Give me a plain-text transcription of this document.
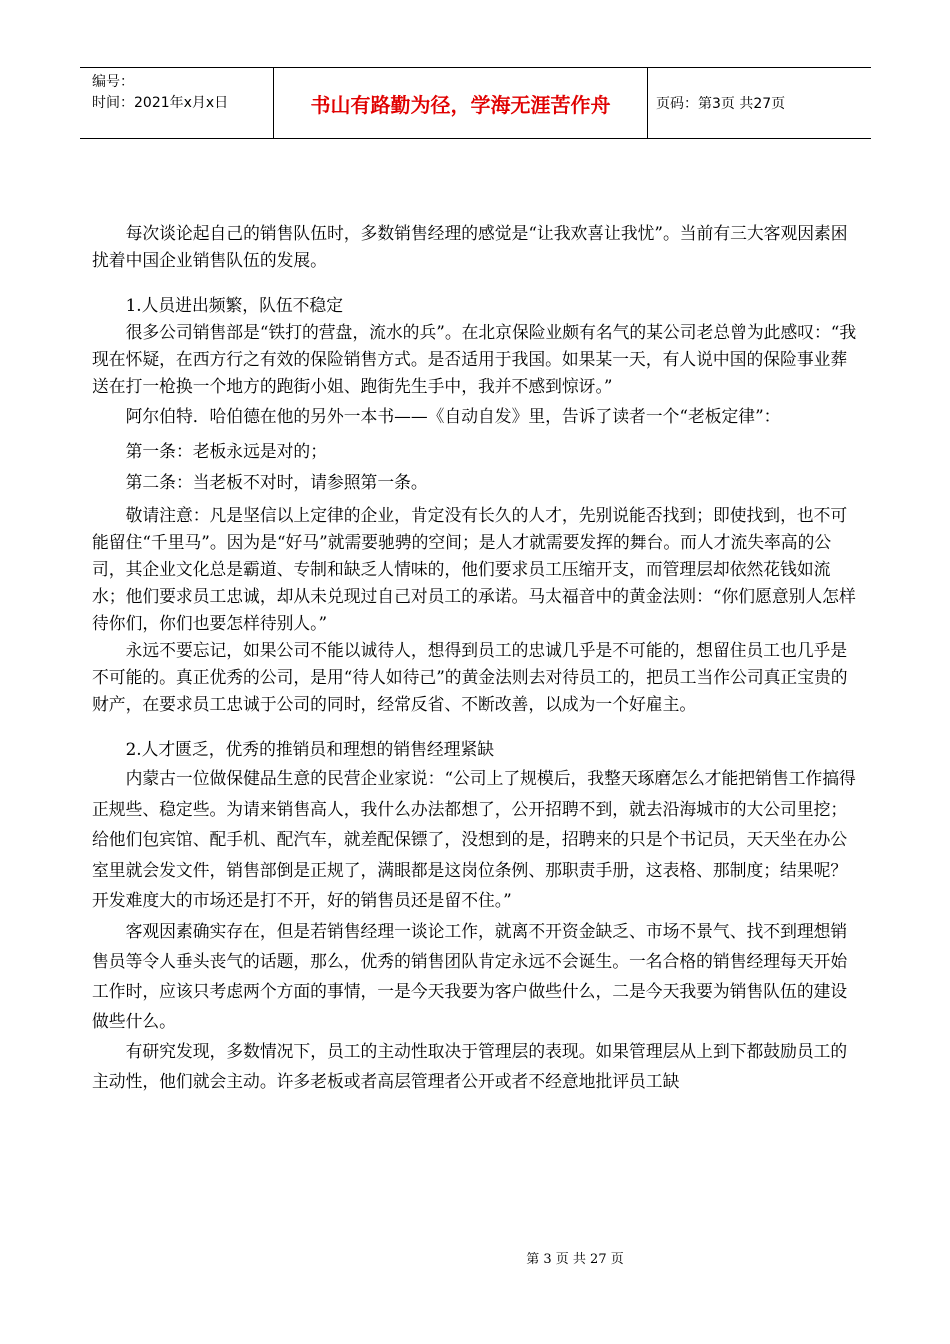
编号：
时间：2021年x月x日	书山有路勤为径，学海无涯苦作舟	页码：第3页 共27页

每次谈论起自己的销售队伍时，多数销售经理的感觉是“让我欢喜让我忧”。当前有三大客观因素困扰着中国企业销售队伍的发展。

1.人员进出频繁，队伍不稳定

很多公司销售部是“铁打的营盘，流水的兵”。在北京保险业颇有名气的某公司老总曾为此感叹：“我现在怀疑，在西方行之有效的保险销售方式。是否适用于我国。如果某一天，有人说中国的保险事业葬送在打一枪换一个地方的跑街小姐、跑街先生手中，我并不感到惊讶。”

阿尔伯特．哈伯德在他的另外一本书——《自动自发》里，告诉了读者一个“老板定律”：

第一条：老板永远是对的；

第二条：当老板不对时，请参照第一条。

敬请注意：凡是坚信以上定律的企业，肯定没有长久的人才，先别说能否找到；即使找到，也不可能留住“千里马”。因为是“好马”就需要驰骋的空间；是人才就需要发挥的舞台。而人才流失率高的公司，其企业文化总是霸道、专制和缺乏人情味的，他们要求员工压缩开支，而管理层却依然花钱如流水；他们要求员工忠诚，却从未兑现过自己对员工的承诺。马太福音中的黄金法则：“你们愿意别人怎样待你们，你们也要怎样待别人。”

永远不要忘记，如果公司不能以诚待人，想得到员工的忠诚几乎是不可能的，想留住员工也几乎是不可能的。真正优秀的公司，是用“待人如待己”的黄金法则去对待员工的，把员工当作公司真正宝贵的财产，在要求员工忠诚于公司的同时，经常反省、不断改善，以成为一个好雇主。

2.人才匮乏，优秀的推销员和理想的销售经理紧缺

内蒙古一位做保健品生意的民营企业家说：“公司上了规模后，我整天琢磨怎么才能把销售工作搞得正规些、稳定些。为请来销售高人，我什么办法都想了，公开招聘不到，就去沿海城市的大公司里挖；给他们包宾馆、配手机、配汽车，就差配保镖了，没想到的是，招聘来的只是个书记员，天天坐在办公室里就会发文件，销售部倒是正规了，满眼都是这岗位条例、那职责手册，这表格、那制度；结果呢？开发难度大的市场还是打不开，好的销售员还是留不住。”

客观因素确实存在，但是若销售经理一谈论工作，就离不开资金缺乏、市场不景气、找不到理想销售员等令人垂头丧气的话题，那么，优秀的销售团队肯定永远不会诞生。一名合格的销售经理每天开始工作时，应该只考虑两个方面的事情，一是今天我要为客户做些什么，二是今天我要为销售队伍的建设做些什么。

有研究发现，多数情况下，员工的主动性取决于管理层的表现。如果管理层从上到下都鼓励员工的主动性，他们就会主动。许多老板或者高层管理者公开或者不经意地批评员工缺

第 3 页 共 27 页
